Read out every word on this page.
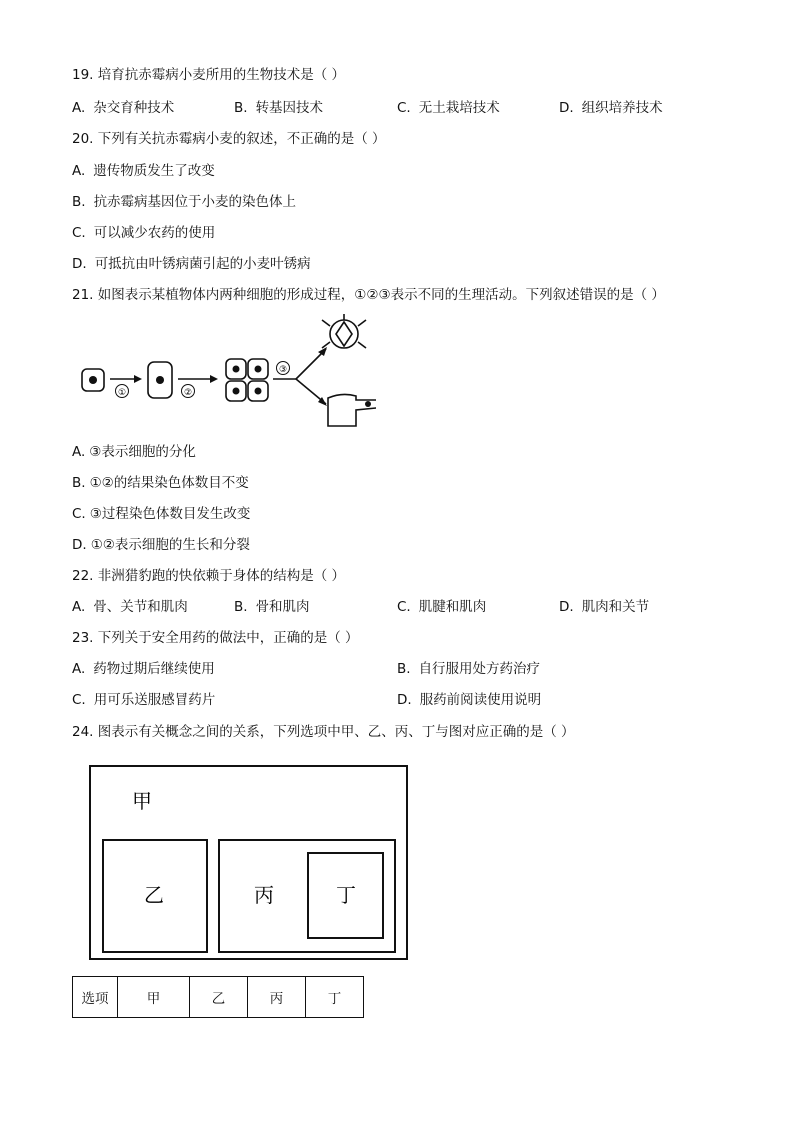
19. 培育抗赤霉病小麦所用的生物技术是（ ）
A. 杂交育种技术	B. 转基因技术	C. 无土栽培技术	D. 组织培养技术
20. 下列有关抗赤霉病小麦的叙述，不正确的是（ ）
A. 遗传物质发生了改变
B. 抗赤霉病基因位于小麦的染色体上
C. 可以减少农药的使用
D. 可抵抗由叶锈病菌引起的小麦叶锈病
21. 如图表示某植物体内两种细胞的形成过程，①②③表示不同的生理活动。下列叙述错误的是（ ）
①	②
③
A. ③表示细胞的分化
B. ①②的结果染色体数目不变
C. ③过程染色体数目发生改变
D. ①②表示细胞的生长和分裂
22. 非洲猎豹跑的快依赖于身体的结构是（ ）
A. 骨、关节和肌肉	B. 骨和肌肉	C. 肌腱和肌肉	D. 肌肉和关节
23. 下列关于安全用药的做法中，正确的是（ ）
A. 药物过期后继续使用	B. 自行服用处方药治疗
C. 用可乐送服感冒药片	D. 服药前阅读使用说明
24. 图表示有关概念之间的关系，下列选项中甲、乙、丙、丁与图对应正确的是（ ）
甲
乙	丙	丁
选项	甲	乙	丙	丁
